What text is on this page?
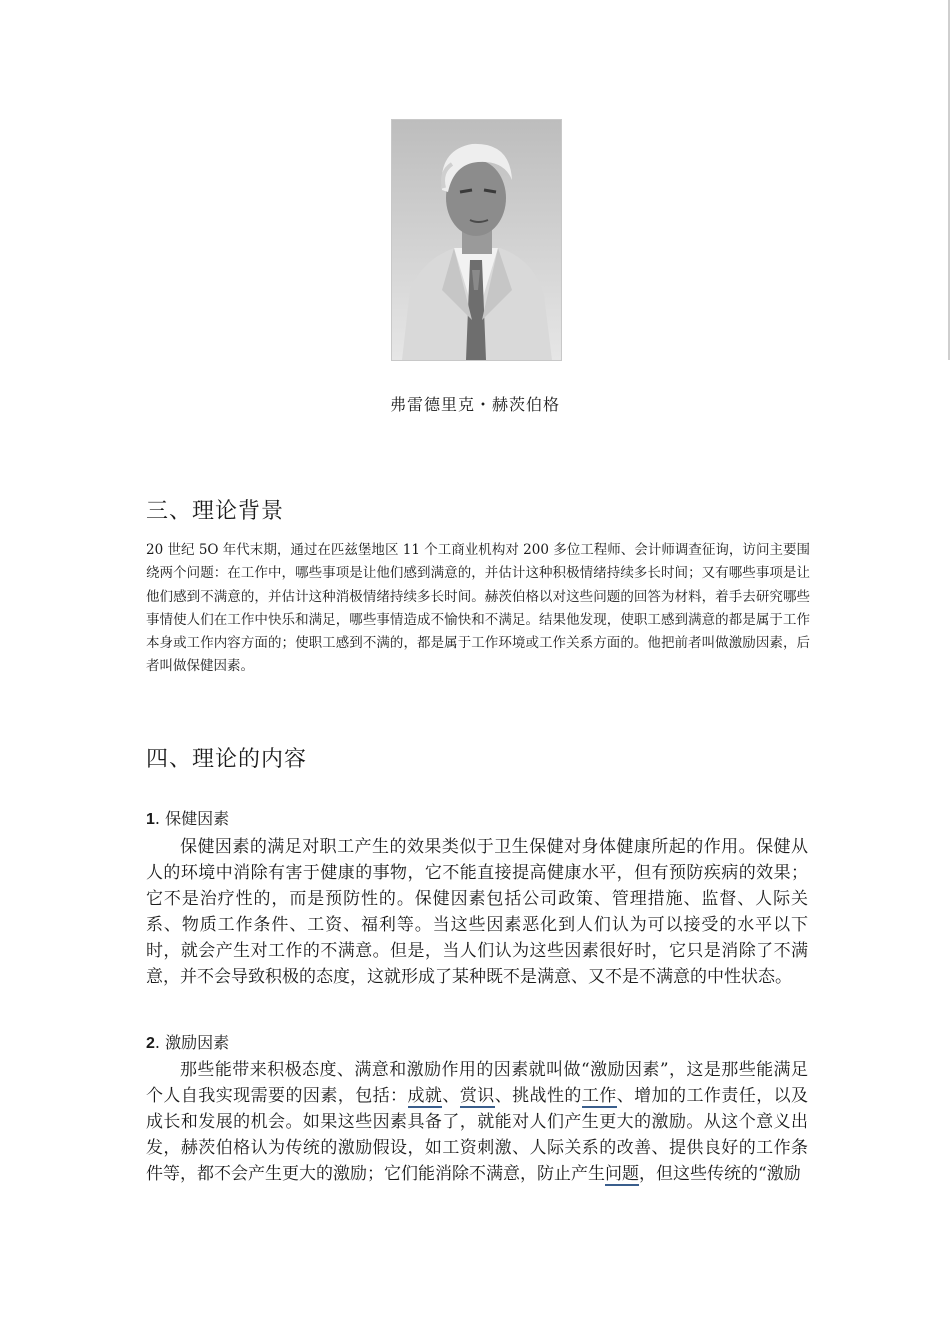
弗雷德里克・赫茨伯格
三、理论背景

20 世纪 5O 年代末期，通过在匹兹堡地区 11 个工商业机构对 200 多位工程师、会计师调查征询，访问主要围绕两个问题：在工作中，哪些事项是让他们感到满意的，并估计这种积极情绪持续多长时间；又有哪些事项是让他们感到不满意的，并估计这种消极情绪持续多长时间。赫茨伯格以对这些问题的回答为材料，着手去研究哪些事情使人们在工作中快乐和满足，哪些事情造成不愉快和不满足。结果他发现，使职工感到满意的都是属于工作本身或工作内容方面的；使职工感到不满的，都是属于工作环境或工作关系方面的。他把前者叫做激励因素，后者叫做保健因素。

四、理论的内容
1. 保健因素

保健因素的满足对职工产生的效果类似于卫生保健对身体健康所起的作用。保健从人的环境中消除有害于健康的事物，它不能直接提高健康水平，但有预防疾病的效果；它不是治疗性的，而是预防性的。保健因素包括公司政策、管理措施、监督、人际关系、物质工作条件、工资、福利等。当这些因素恶化到人们认为可以接受的水平以下时，就会产生对工作的不满意。但是，当人们认为这些因素很好时，它只是消除了不满意，并不会导致积极的态度，这就形成了某种既不是满意、又不是不满意的中性状态。

2. 激励因素

那些能带来积极态度、满意和激励作用的因素就叫做“激励因素”，这是那些能满足个人自我实现需要的因素，包括：成就、赏识、挑战性的工作、增加的工作责任，以及成长和发展的机会。如果这些因素具备了，就能对人们产生更大的激励。从这个意义出发，赫茨伯格认为传统的激励假设，如工资刺激、人际关系的改善、提供良好的工作条件等，都不会产生更大的激励；它们能消除不满意，防止产生问题，但这些传统的“激励
